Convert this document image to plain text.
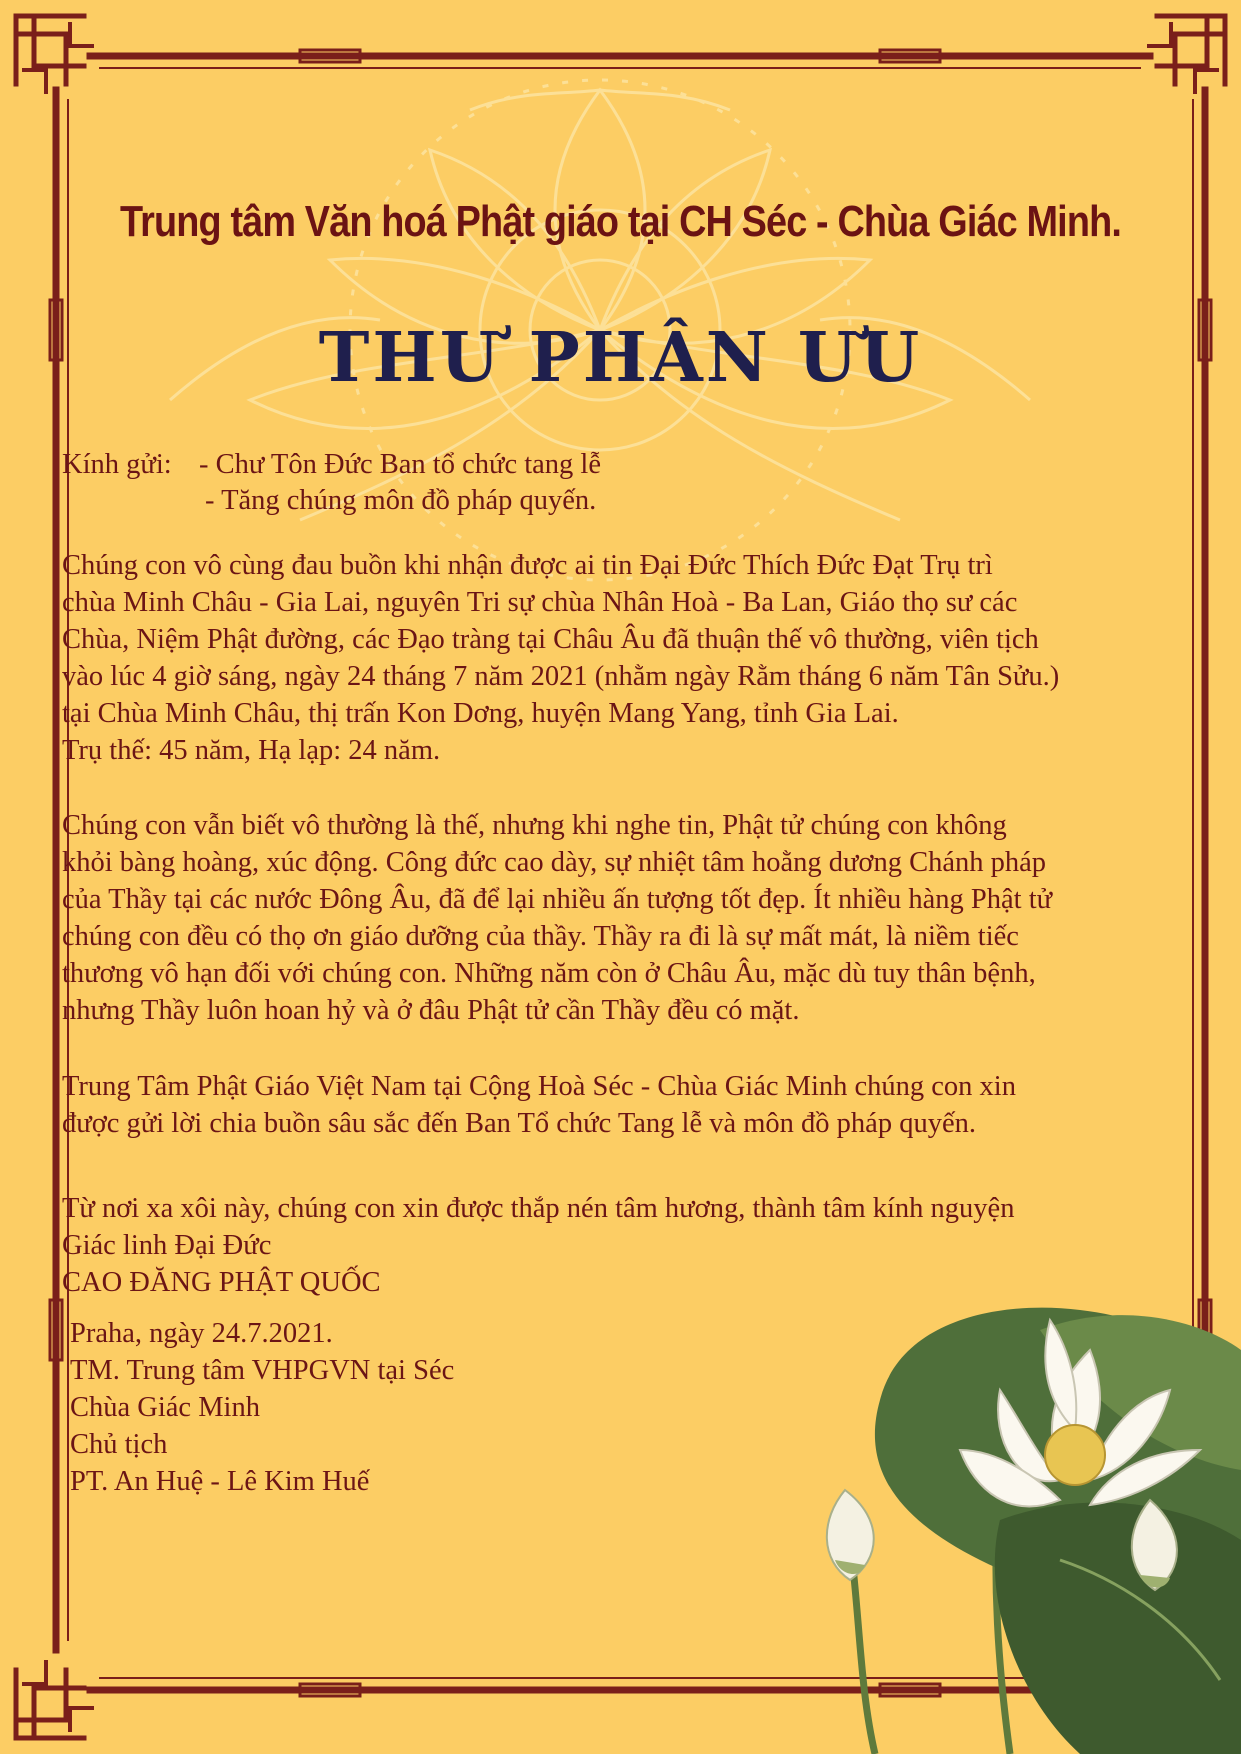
Trung tâm Văn hoá Phật giáo tại CH Séc - Chùa Giác Minh.
THƯ PHÂN ƯU
Kính gửi: - Chư Tôn Đức Ban tổ chức tang lễ
- Tăng chúng môn đồ pháp quyến.
Chúng con vô cùng đau buồn khi nhận được ai tin Đại Đức Thích Đức Đạt Trụ trì
chùa Minh Châu - Gia Lai, nguyên Tri sự chùa Nhân Hoà - Ba Lan, Giáo thọ sư các
Chùa, Niệm Phật đường, các Đạo tràng tại Châu Âu đã thuận thế vô thường, viên tịch
vào lúc 4 giờ sáng, ngày 24 tháng 7 năm 2021 (nhằm ngày Rằm tháng 6 năm Tân Sửu.)
tại Chùa Minh Châu, thị trấn Kon Dơng, huyện Mang Yang, tỉnh Gia Lai.
Trụ thế: 45 năm, Hạ lạp: 24 năm.
Chúng con vẫn biết vô thường là thế, nhưng khi nghe tin, Phật tử chúng con không
khỏi bàng hoàng, xúc động. Công đức cao dày, sự nhiệt tâm hoằng dương Chánh pháp
của Thầy tại các nước Đông Âu, đã để lại nhiều ấn tượng tốt đẹp. Ít nhiều hàng Phật tử
chúng con đều có thọ ơn giáo dưỡng của thầy. Thầy ra đi là sự mất mát, là niềm tiếc
thương vô hạn đối với chúng con. Những năm còn ở Châu Âu, mặc dù tuy thân bệnh,
nhưng Thầy luôn hoan hỷ và ở đâu Phật tử cần Thầy đều có mặt.
Trung Tâm Phật Giáo Việt Nam tại Cộng Hoà Séc - Chùa Giác Minh chúng con xin
được gửi lời chia buồn sâu sắc đến Ban Tổ chức Tang lễ và môn đồ pháp quyến.
Từ nơi xa xôi này, chúng con xin được thắp nén tâm hương, thành tâm kính nguyện
Giác linh Đại Đức
CAO ĐĂNG PHẬT QUỐC
Praha, ngày 24.7.2021.
TM. Trung tâm VHPGVN tại Séc
Chùa Giác Minh
Chủ tịch
PT. An Huệ - Lê Kim Huế
